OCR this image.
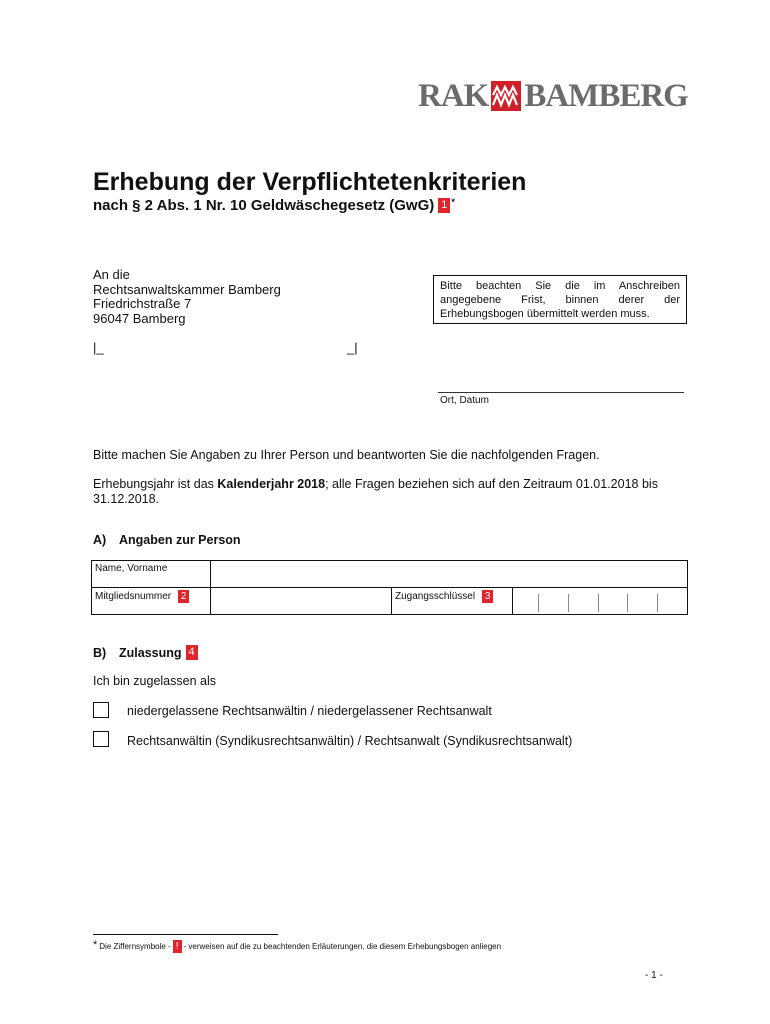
RAK BAMBERG
Erhebung der Verpflichtetenkriterien
nach § 2 Abs. 1 Nr. 10 Geldwäschegesetz (GwG) 1 *
An die
Rechtsanwaltskammer Bamberg
Friedrichstraße 7
96047 Bamberg
Bitte beachten Sie die im Anschreiben angegebene Frist, binnen derer der Erhebungsbogen übermittelt werden muss.
|_	_|
Ort, Datum
Bitte machen Sie Angaben zu Ihrer Person und beantworten Sie die nachfolgenden Fragen.
Erhebungsjahr ist das Kalenderjahr 2018; alle Fragen beziehen sich auf den Zeitraum 01.01.2018 bis 31.12.2018.
A) Angaben zur Person
Name, Vorname			
Mitgliedsnummer 2		Zugangsschlüssel 3	
B)	Zulassung 4
Ich bin zugelassen als
niedergelassene Rechtsanwältin / niedergelassener Rechtsanwalt
Rechtsanwältin (Syndikusrechtsanwältin) / Rechtsanwalt (Syndikusrechtsanwalt)
* Die Ziffernsymbole - ! - verweisen auf die zu beachtenden Erläuterungen, die diesem Erhebungsbogen anliegen
- 1 -
